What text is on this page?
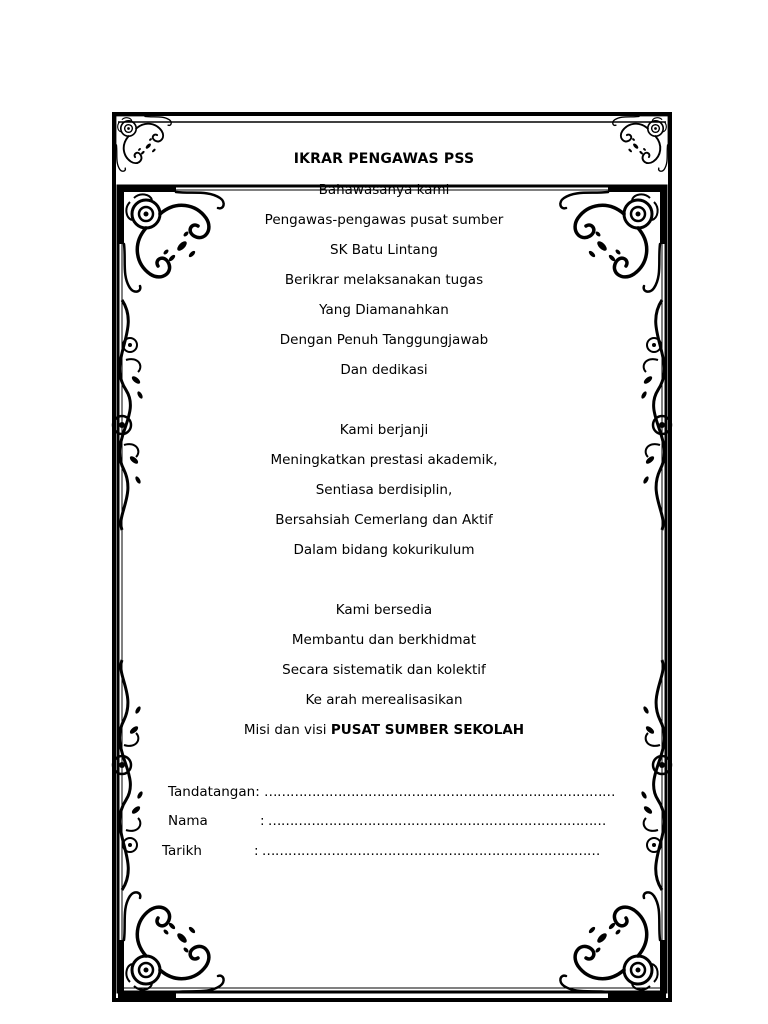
IKRAR PENGAWAS PSS
Bahawasanya kami
Pengawas-pengawas pusat sumber
SK Batu Lintang
Berikrar melaksanakan tugas
Yang Diamanahkan
Dengan Penuh Tanggungjawab
Dan dedikasi
Kami berjanji
Meningkatkan prestasi akademik,
Sentiasa berdisiplin,
Bersahsiah Cemerlang dan Aktif
Dalam bidang kokurikulum
Kami bersedia
Membantu dan berkhidmat
Secara sistematik dan kolektif
Ke arah merealisasikan
Misi dan visi PUSAT SUMBER SEKOLAH
Tandatangan: ………………………………………………………………………
Nama	: ……………………………………………………………………
Tarikh	: ……………………………………………………………………
